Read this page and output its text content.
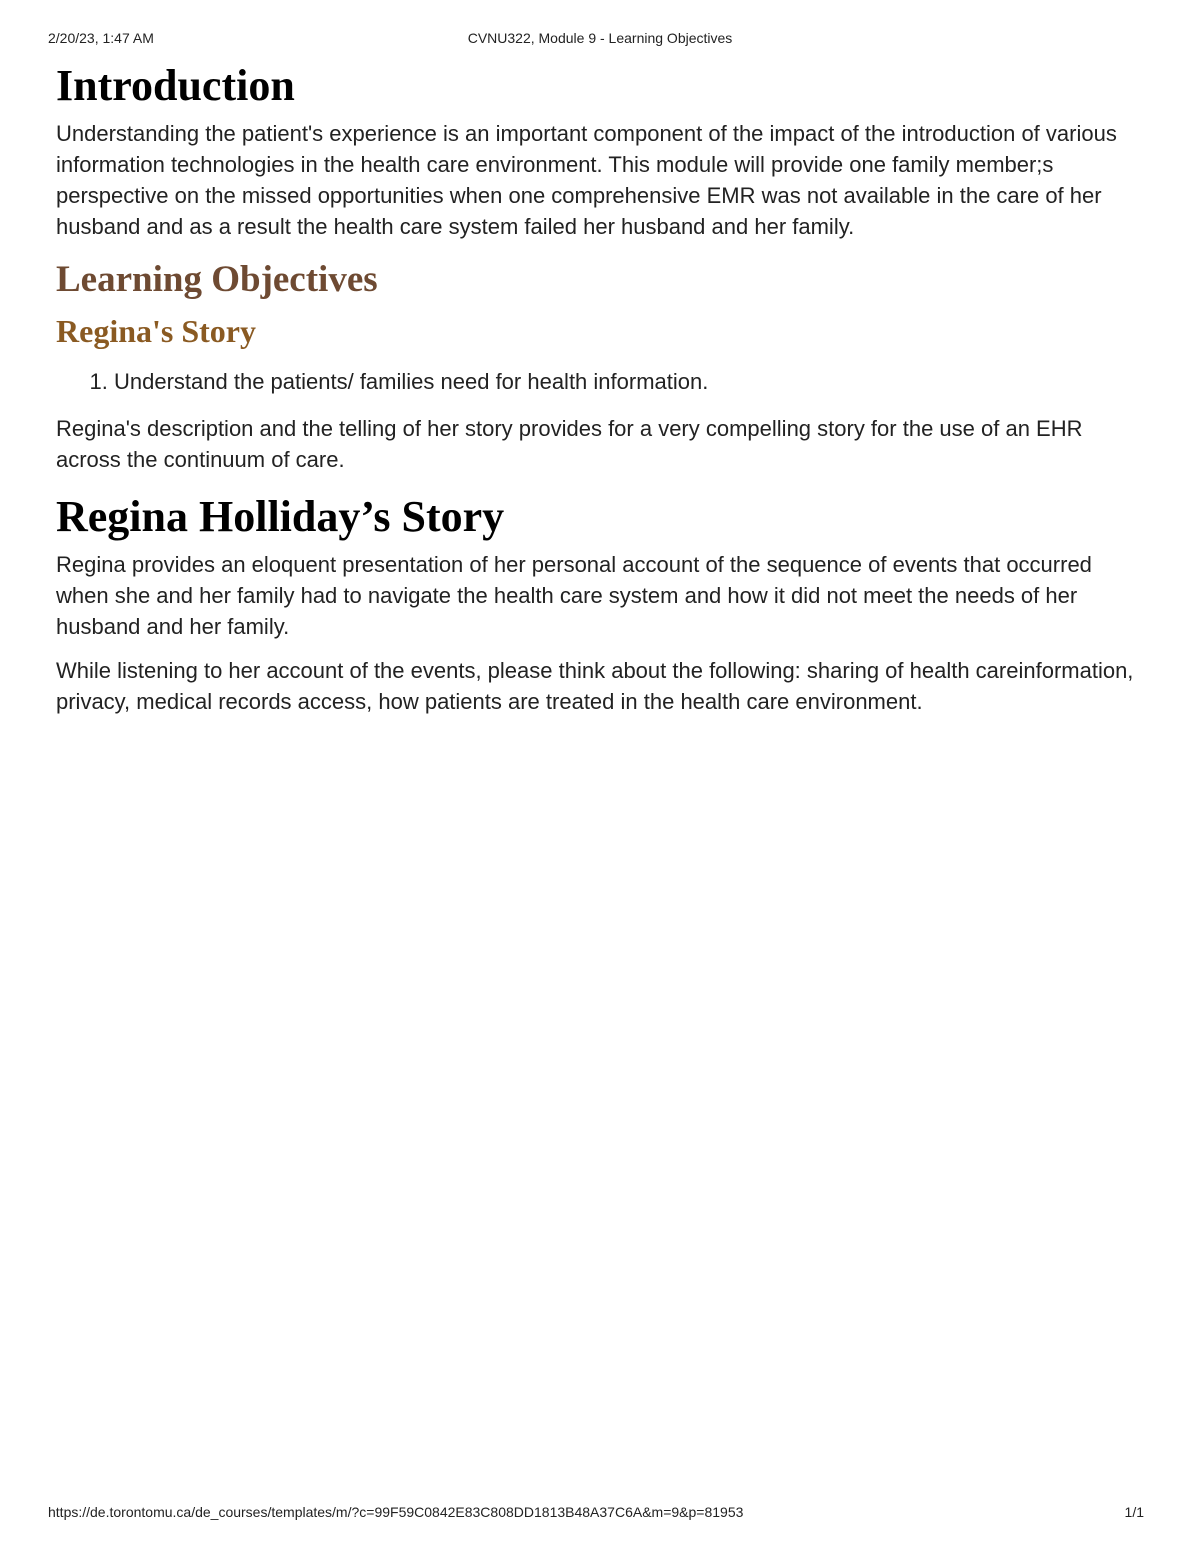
2/20/23, 1:47 AM	CVNU322, Module 9 - Learning Objectives
Introduction

Understanding the patient's experience is an important component of the impact of the introduction of various information technologies in the health care environment. This module will provide one family member;s perspective on the missed opportunities when one comprehensive EMR was not available in the care of her husband and as a result the health care system failed her husband and her family.

Learning Objectives
Regina's Story
1. Understand the patients/ families need for health information.

Regina's description and the telling of her story provides for a very compelling story for the use of an EHR across the continuum of care.

Regina Holliday’s Story

Regina provides an eloquent presentation of her personal account of the sequence of events that occurred when she and her family had to navigate the health care system and how it did not meet the needs of her husband and her family.

While listening to her account of the events, please think about the following: sharing of health careinformation, privacy, medical records access, how patients are treated in the health care environment.

https://de.torontomu.ca/de_courses/templates/m/?c=99F59C0842E83C808DD1813B48A37C6A&m=9&p=81953	1/1
